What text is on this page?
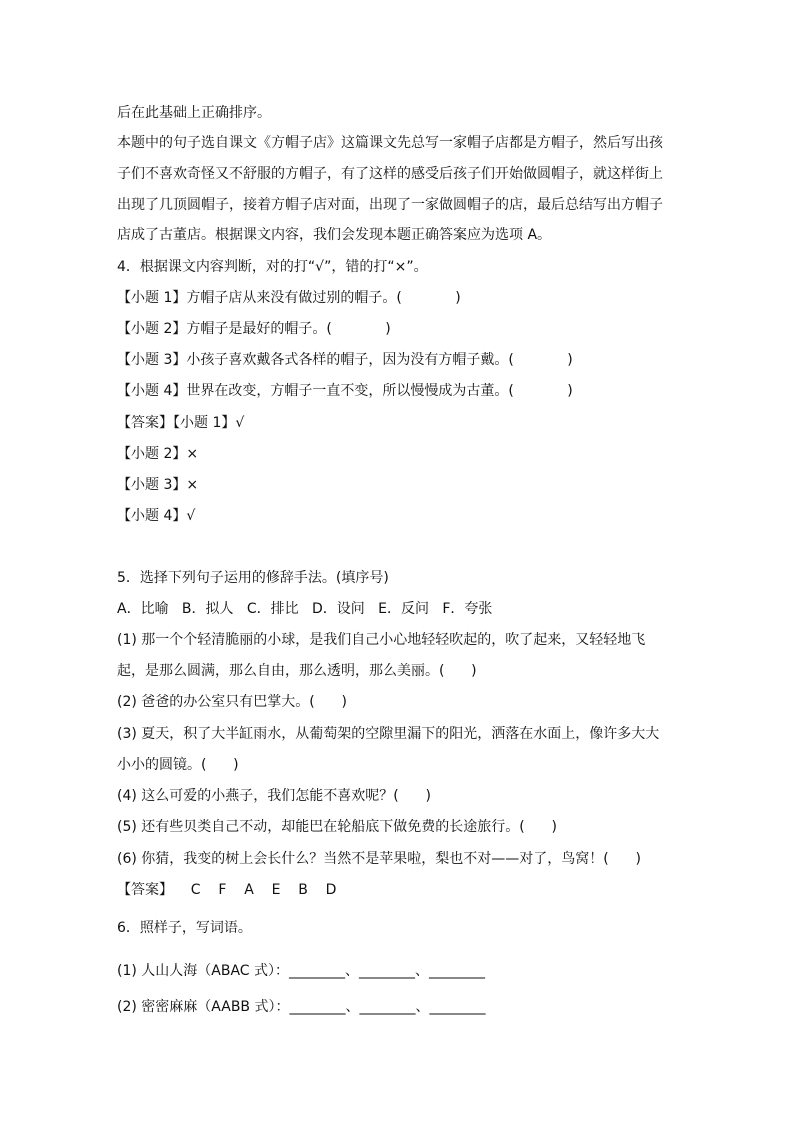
后在此基础上正确排序。
本题中的句子选自课文《方帽子店》这篇课文先总写一家帽子店都是方帽子，然后写出孩
子们不喜欢奇怪又不舒服的方帽子，有了这样的感受后孩子们开始做圆帽子，就这样街上
出现了几顶圆帽子，接着方帽子店对面，出现了一家做圆帽子的店，最后总结写出方帽子
店成了古董店。根据课文内容，我们会发现本题正确答案应为选项 A。
4．根据课文内容判断，对的打“√”，错的打“×”。
【小题 1】方帽子店从来没有做过别的帽子。(            )
【小题 2】方帽子是最好的帽子。(            )
【小题 3】小孩子喜欢戴各式各样的帽子，因为没有方帽子戴。(            )
【小题 4】世界在改变，方帽子一直不变，所以慢慢成为古董。(            )
【答案】【小题 1】√
【小题 2】×
【小题 3】×
【小题 4】√
5．选择下列句子运用的修辞手法。(填序号)
A．比喻   B．拟人   C．排比   D．设问   E．反问   F．夸张
(1) 那一个个轻清脆丽的小球，是我们自己小心地轻轻吹起的，吹了起来，又轻轻地飞
起，是那么圆满，那么自由，那么透明，那么美丽。(      )
(2) 爸爸的办公室只有巴掌大。(      )
(3) 夏天，积了大半缸雨水，从葡萄架的空隙里漏下的阳光，洒落在水面上，像许多大大
小小的圆镜。(      )
(4) 这么可爱的小燕子，我们怎能不喜欢呢？(      )
(5) 还有些贝类自己不动，却能巴在轮船底下做免费的长途旅行。(      )
(6) 你猜，我变的树上会长什么？当然不是苹果啦，梨也不对——对了，鸟窝！(      )
【答案】    C    F    A    E    B    D
6．照样子，写词语。
(1) 人山人海（ABAC 式）：________、________、________
(2) 密密麻麻（AABB 式）：________、________、________
